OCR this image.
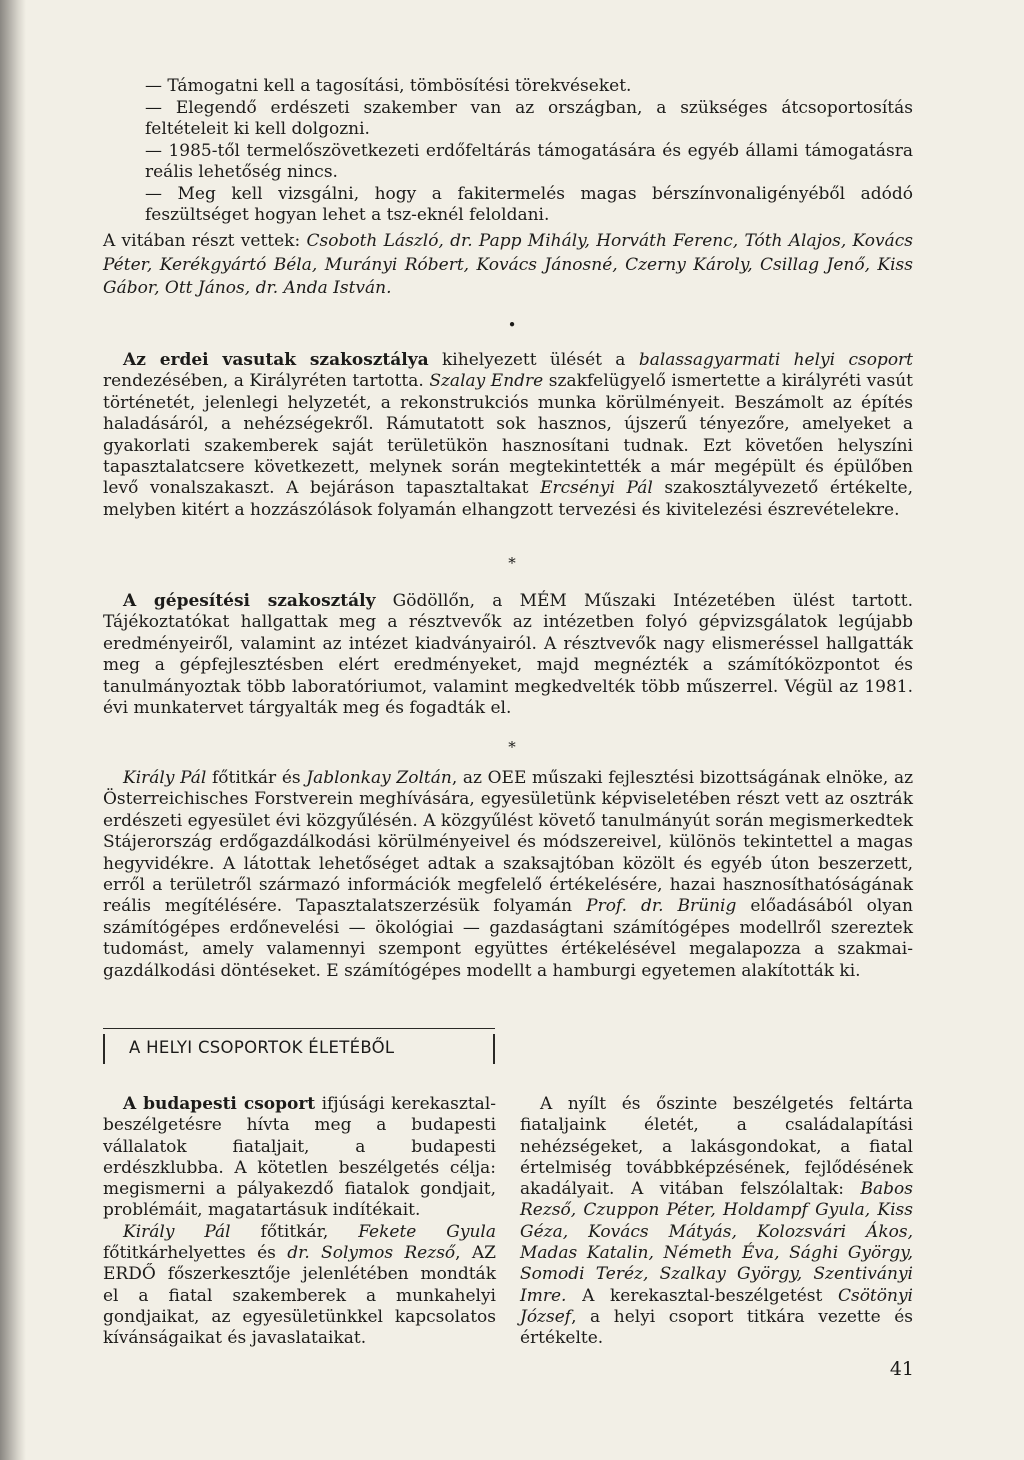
— Támogatni kell a tagosítási, tömbösítési törekvéseket.

— Elegendő erdészeti szakember van az országban, a szükséges átcsoportosítás feltételeit ki kell dolgozni.

— 1985-től termelőszövetkezeti erdőfeltárás támogatására és egyéb állami támogatásra reális lehetőség nincs.

— Meg kell vizsgálni, hogy a fakitermelés magas bérszínvonaligényéből adódó feszültséget hogyan lehet a tsz-eknél feloldani.

A vitában részt vettek: Csoboth László, dr. Papp Mihály, Horváth Ferenc, Tóth Alajos, Kovács Péter, Kerékgyártó Béla, Murányi Róbert, Kovács Jánosné, Czerny Károly, Csillag Jenő, Kiss Gábor, Ott János, dr. Anda István.

•

Az erdei vasutak szakosztálya kihelyezett ülését a balassagyarmati helyi csoport rendezésében, a Királyréten tartotta. Szalay Endre szakfelügyelő ismertette a királyréti vasút történetét, jelenlegi helyzetét, a rekonstrukciós munka körülményeit. Beszámolt az építés haladásáról, a nehézségekről. Rámutatott sok hasznos, újszerű tényezőre, amelyeket a gyakorlati szakemberek saját területükön hasznosítani tudnak. Ezt követően helyszíni tapasztalatcsere következett, melynek során megtekintették a már megépült és épülőben levő vonalszakaszt. A bejáráson tapasztaltakat Ercsényi Pál szakosztályvezető értékelte, melyben kitért a hozzászólások folyamán elhangzott tervezési és kivitelezési észrevételekre.

*

A gépesítési szakosztály Gödöllőn, a MÉM Műszaki Intézetében ülést tartott. Tájékoztatókat hallgattak meg a résztvevők az intézetben folyó gépvizsgálatok legújabb eredményeiről, valamint az intézet kiadványairól. A résztvevők nagy elismeréssel hallgatták meg a gépfejlesztésben elért eredményeket, majd megnézték a számítóközpontot és tanulmányoztak több laboratóriumot, valamint megkedvelték több műszerrel. Végül az 1981. évi munkatervet tárgyalták meg és fogadták el.

*

Király Pál főtitkár és Jablonkay Zoltán, az OEE műszaki fejlesztési bizottságának elnöke, az Österreichisches Forstverein meghívására, egyesületünk képviseletében részt vett az osztrák erdészeti egyesület évi közgyűlésén. A közgyűlést követő tanulmányút során megismerkedtek Stájerország erdőgazdálkodási körülményeivel és módszereivel, különös tekintettel a magas hegyvidékre. A látottak lehetőséget adtak a szaksajtóban közölt és egyéb úton beszerzett, erről a területről származó információk megfelelő értékelésére, hazai hasznosíthatóságának reális megítélésére. Tapasztalatszerzésük folyamán Prof. dr. Brünig előadásából olyan számítógépes erdőnevelési — ökológiai — gazdaságtani számítógépes modellről szereztek tudomást, amely valamennyi szempont együttes értékelésével megalapozza a szakmai-gazdálkodási döntéseket. E számítógépes modellt a hamburgi egyetemen alakították ki.

A HELYI CSOPORTOK ÉLETÉBŐL

A budapesti csoport ifjúsági kerekasztal-beszélgetésre hívta meg a budapesti vállalatok fiataljait, a budapesti erdészklubba. A kötetlen beszélgetés célja: megismerni a pályakezdő fiatalok gondjait, problémáit, magatartásuk indítékait.

Király Pál főtitkár, Fekete Gyula főtitkárhelyettes és dr. Solymos Rezső, AZ ERDŐ főszerkesztője jelenlétében mondták el a fiatal szakemberek a munkahelyi gondjaikat, az egyesületünkkel kapcsolatos kívánságaikat és javaslataikat.

A nyílt és őszinte beszélgetés feltárta fiataljaink életét, a családalapítási nehézségeket, a lakásgondokat, a fiatal értelmiség továbbképzésének, fejlődésének akadályait. A vitában felszólaltak: Babos Rezső, Czuppon Péter, Holdampf Gyula, Kiss Géza, Kovács Mátyás, Kolozsvári Ákos, Madas Katalin, Németh Éva, Sághi György, Somodi Teréz, Szalkay György, Szentiványi Imre. A kerekasztal-beszélgetést Csötönyi József, a helyi csoport titkára vezette és értékelte.

41
